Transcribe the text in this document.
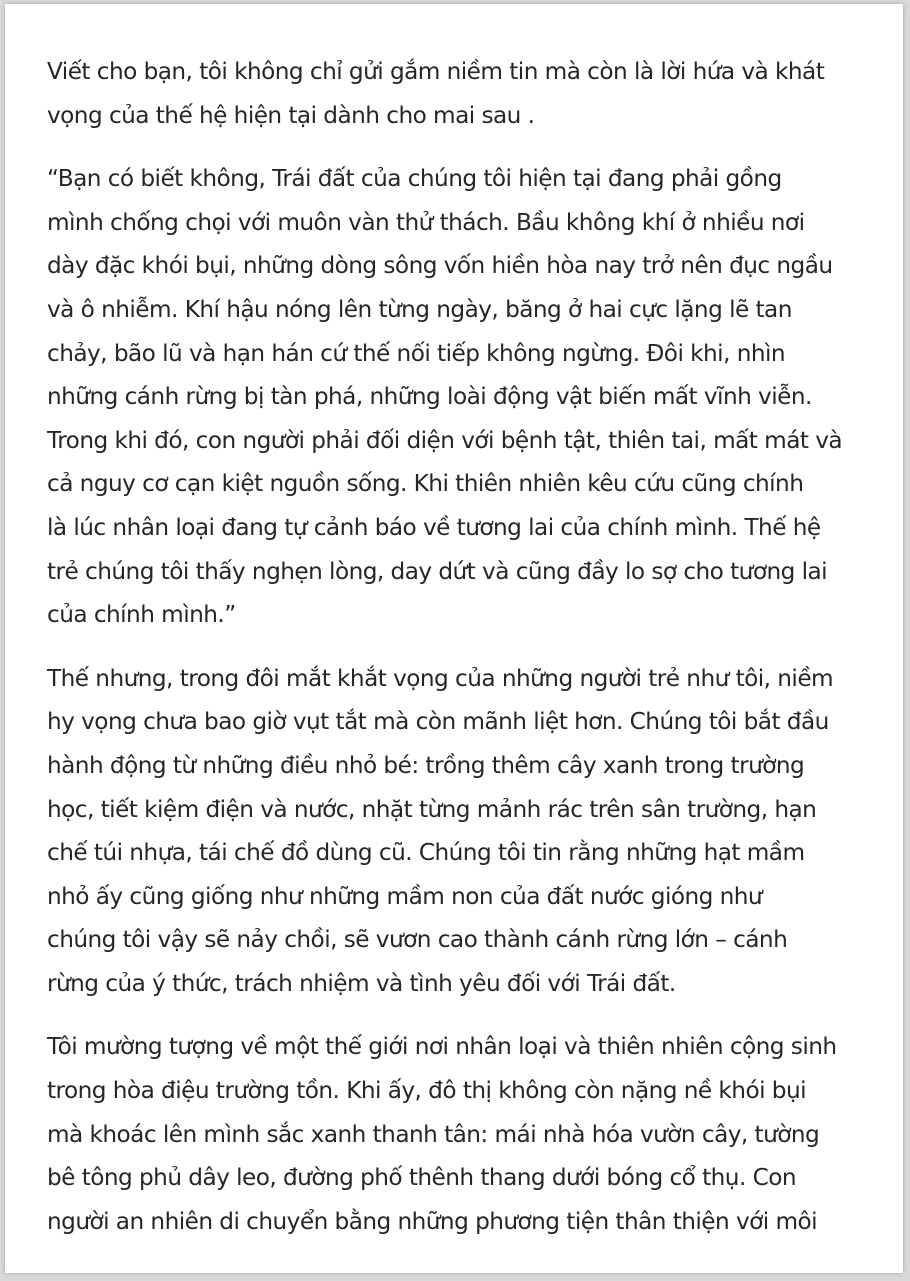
Viết cho bạn, tôi không chỉ gửi gắm niềm tin mà còn là lời hứa và khát
vọng của thế hệ hiện tại dành cho mai sau .

“Bạn có biết không, Trái đất của chúng tôi hiện tại đang phải gồng
mình chống chọi với muôn vàn thử thách. Bầu không khí ở nhiều nơi
dày đặc khói bụi, những dòng sông vốn hiền hòa nay trở nên đục ngầu
và ô nhiễm. Khí hậu nóng lên từng ngày, băng ở hai cực lặng lẽ tan
chảy, bão lũ và hạn hán cứ thế nối tiếp không ngừng. Đôi khi, nhìn
những cánh rừng bị tàn phá, những loài động vật biến mất vĩnh viễn.
Trong khi đó, con người phải đối diện với bệnh tật, thiên tai, mất mát và
cả nguy cơ cạn kiệt nguồn sống. Khi thiên nhiên kêu cứu cũng chính
là lúc nhân loại đang tự cảnh báo về tương lai của chính mình. Thế hệ
trẻ chúng tôi thấy nghẹn lòng, day dứt và cũng đầy lo sợ cho tương lai
của chính mình.”

Thế nhưng, trong đôi mắt khắt vọng của những người trẻ như tôi, niềm
hy vọng chưa bao giờ vụt tắt mà còn mãnh liệt hơn. Chúng tôi bắt đầu
hành động từ những điều nhỏ bé: trồng thêm cây xanh trong trường
học, tiết kiệm điện và nước, nhặt từng mảnh rác trên sân trường, hạn
chế túi nhựa, tái chế đồ dùng cũ. Chúng tôi tin rằng những hạt mầm
nhỏ ấy cũng giống như những mầm non của đất nước gióng như
chúng tôi vậy sẽ nảy chồi, sẽ vươn cao thành cánh rừng lớn – cánh
rừng của ý thức, trách nhiệm và tình yêu đối với Trái đất.

Tôi mường tượng về một thế giới nơi nhân loại và thiên nhiên cộng sinh
trong hòa điệu trường tồn. Khi ấy, đô thị không còn nặng nề khói bụi
mà khoác lên mình sắc xanh thanh tân: mái nhà hóa vườn cây, tường
bê tông phủ dây leo, đường phố thênh thang dưới bóng cổ thụ. Con
người an nhiên di chuyển bằng những phương tiện thân thiện với môi
